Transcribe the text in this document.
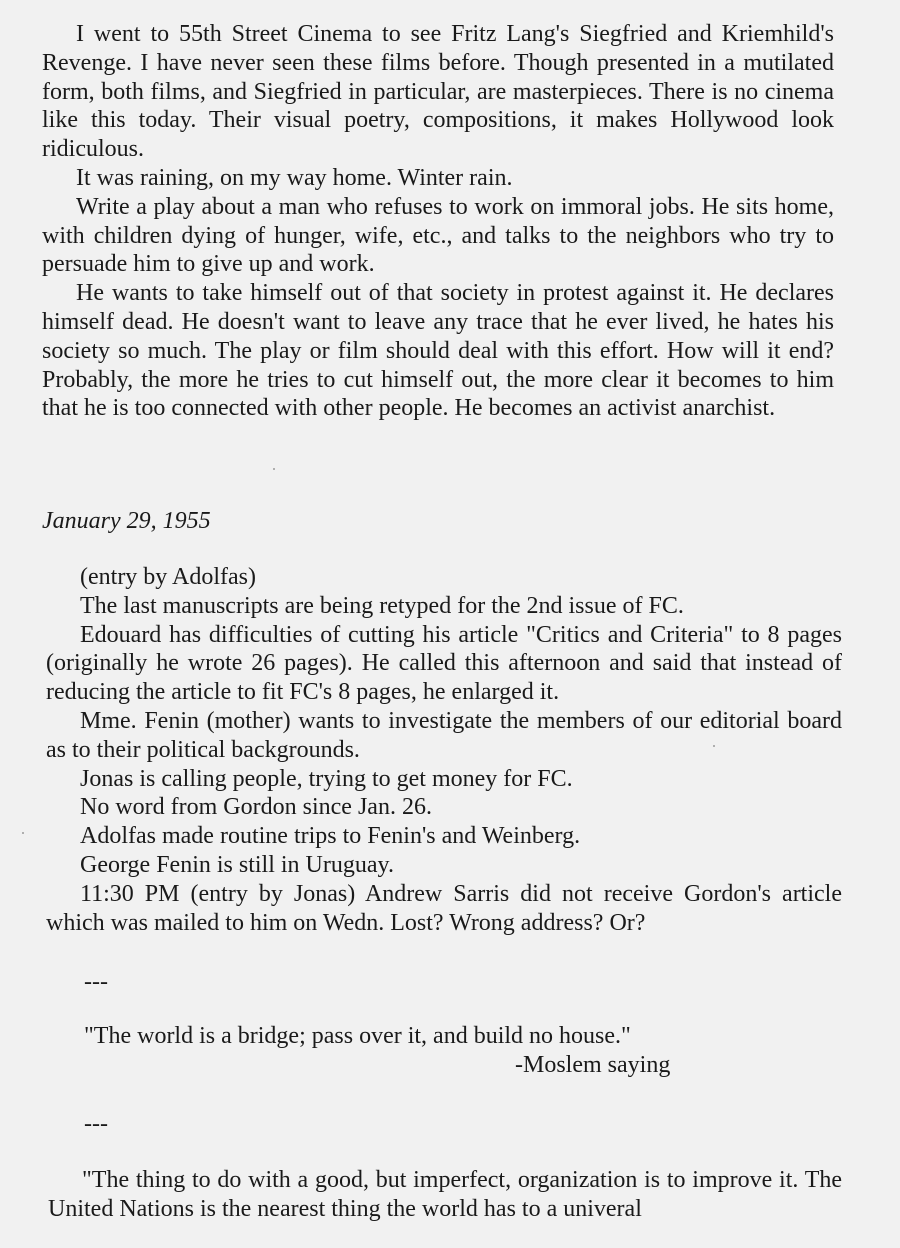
I went to 55th Street Cinema to see Fritz Lang's Siegfried and Kriemhild's Revenge. I have never seen these films before. Though presented in a mutilated form, both films, and Siegfried in particular, are masterpieces. There is no cinema like this today. Their visual poetry, compositions, it makes Hollywood look ridiculous.

It was raining, on my way home. Winter rain.

Write a play about a man who refuses to work on immoral jobs. He sits home, with children dying of hunger, wife, etc., and talks to the neighbors who try to persuade him to give up and work.

He wants to take himself out of that society in protest against it. He declares himself dead. He doesn't want to leave any trace that he ever lived, he hates his society so much. The play or film should deal with this effort. How will it end? Probably, the more he tries to cut himself out, the more clear it becomes to him that he is too connected with other people. He becomes an activist anarchist.

January 29, 1955

(entry by Adolfas)

The last manuscripts are being retyped for the 2nd issue of FC.

Edouard has difficulties of cutting his article "Critics and Criteria" to 8 pages (originally he wrote 26 pages). He called this afternoon and said that instead of reducing the article to fit FC's 8 pages, he enlarged it.

Mme. Fenin (mother) wants to investigate the members of our editorial board as to their political backgrounds.

Jonas is calling people, trying to get money for FC.

No word from Gordon since Jan. 26.

Adolfas made routine trips to Fenin's and Weinberg.

George Fenin is still in Uruguay.

11:30 PM (entry by Jonas) Andrew Sarris did not receive Gordon's article which was mailed to him on Wedn. Lost? Wrong address? Or?

---
"The world is a bridge; pass over it, and build no house."
-Moslem saying
---

"The thing to do with a good, but imperfect, organization is to improve it. The United Nations is the nearest thing the world has to a univeral
